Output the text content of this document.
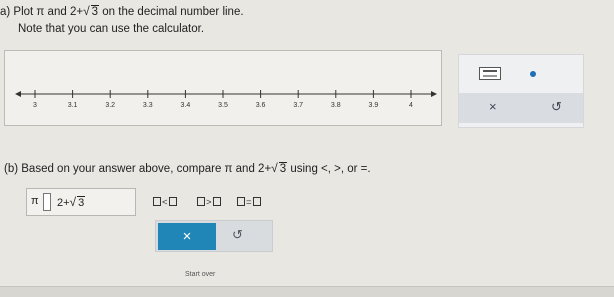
a) Plot π and 2+√ 3 on the decimal number line.
Note that you can use the calculator.
3	3.1	3.2	3.3	3.4	3.5	3.6	3.7	3.8	3.9	4	×	↺
(b) Based on your answer above, compare π and 2+√ 3 using <, >, or =.
π 2+√ 3	<	>	=
×	↺
Start over
